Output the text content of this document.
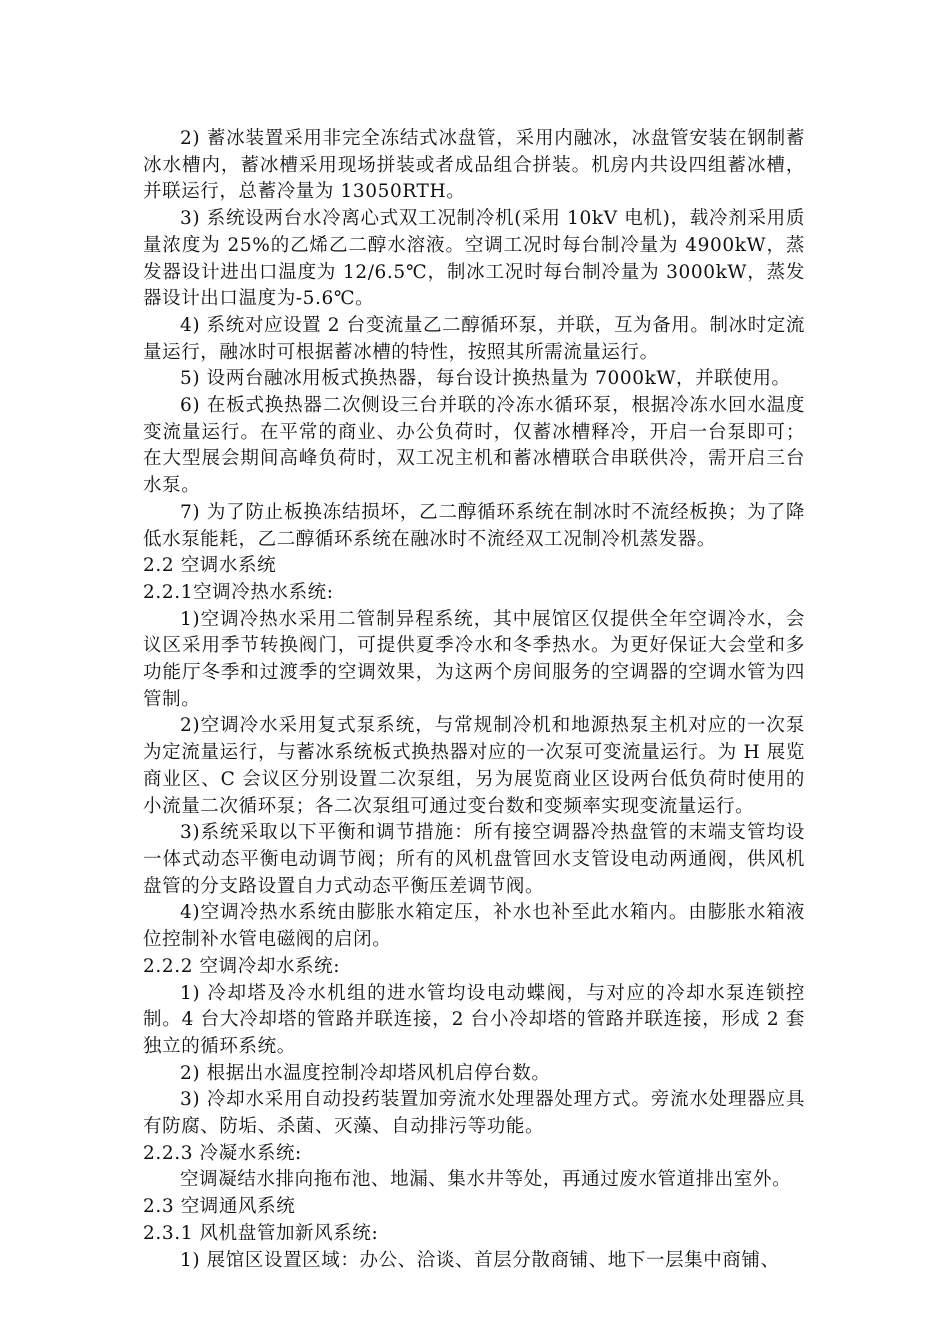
2) 蓄冰装置采用非完全冻结式冰盘管，采用内融冰，冰盘管安装在钢制蓄冰水槽内，蓄冰槽采用现场拼装或者成品组合拼装。机房内共设四组蓄冰槽，并联运行，总蓄冷量为 13050RTH。

3) 系统设两台水冷离心式双工况制冷机(采用 10kV 电机)，载冷剂采用质量浓度为 25%的乙烯乙二醇水溶液。空调工况时每台制冷量为 4900kW，蒸发器设计进出口温度为 12/6.5℃，制冰工况时每台制冷量为 3000kW，蒸发器设计出口温度为-5.6℃。

4) 系统对应设置 2 台变流量乙二醇循环泵，并联，互为备用。制冰时定流量运行，融冰时可根据蓄冰槽的特性，按照其所需流量运行。

5) 设两台融冰用板式换热器，每台设计换热量为 7000kW，并联使用。

6) 在板式换热器二次侧设三台并联的冷冻水循环泵，根据冷冻水回水温度变流量运行。在平常的商业、办公负荷时，仅蓄冰槽释冷，开启一台泵即可；在大型展会期间高峰负荷时，双工况主机和蓄冰槽联合串联供冷，需开启三台水泵。

7) 为了防止板换冻结损坏，乙二醇循环系统在制冰时不流经板换；为了降低水泵能耗，乙二醇循环系统在融冰时不流经双工况制冷机蒸发器。

2.2 空调水系统

2.2.1空调冷热水系统:

1)空调冷热水采用二管制异程系统，其中展馆区仅提供全年空调冷水，会议区采用季节转换阀门，可提供夏季冷水和冬季热水。为更好保证大会堂和多功能厅冬季和过渡季的空调效果，为这两个房间服务的空调器的空调水管为四管制。

2)空调冷水采用复式泵系统，与常规制冷机和地源热泵主机对应的一次泵为定流量运行，与蓄冰系统板式换热器对应的一次泵可变流量运行。为 H 展览商业区、C 会议区分别设置二次泵组，另为展览商业区设两台低负荷时使用的小流量二次循环泵；各二次泵组可通过变台数和变频率实现变流量运行。

3)系统采取以下平衡和调节措施：所有接空调器冷热盘管的末端支管均设一体式动态平衡电动调节阀；所有的风机盘管回水支管设电动两通阀，供风机盘管的分支路设置自力式动态平衡压差调节阀。

4)空调冷热水系统由膨胀水箱定压，补水也补至此水箱内。由膨胀水箱液位控制补水管电磁阀的启闭。

2.2.2 空调冷却水系统:

1) 冷却塔及冷水机组的进水管均设电动蝶阀，与对应的冷却水泵连锁控制。4 台大冷却塔的管路并联连接，2 台小冷却塔的管路并联连接，形成 2 套独立的循环系统。

2) 根据出水温度控制冷却塔风机启停台数。

3) 冷却水采用自动投药装置加旁流水处理器处理方式。旁流水处理器应具有防腐、防垢、杀菌、灭藻、自动排污等功能。

2.2.3 冷凝水系统:

空调凝结水排向拖布池、地漏、集水井等处，再通过废水管道排出室外。

2.3 空调通风系统

2.3.1 风机盘管加新风系统:

1) 展馆区设置区域：办公、洽谈、首层分散商铺、地下一层集中商铺、
